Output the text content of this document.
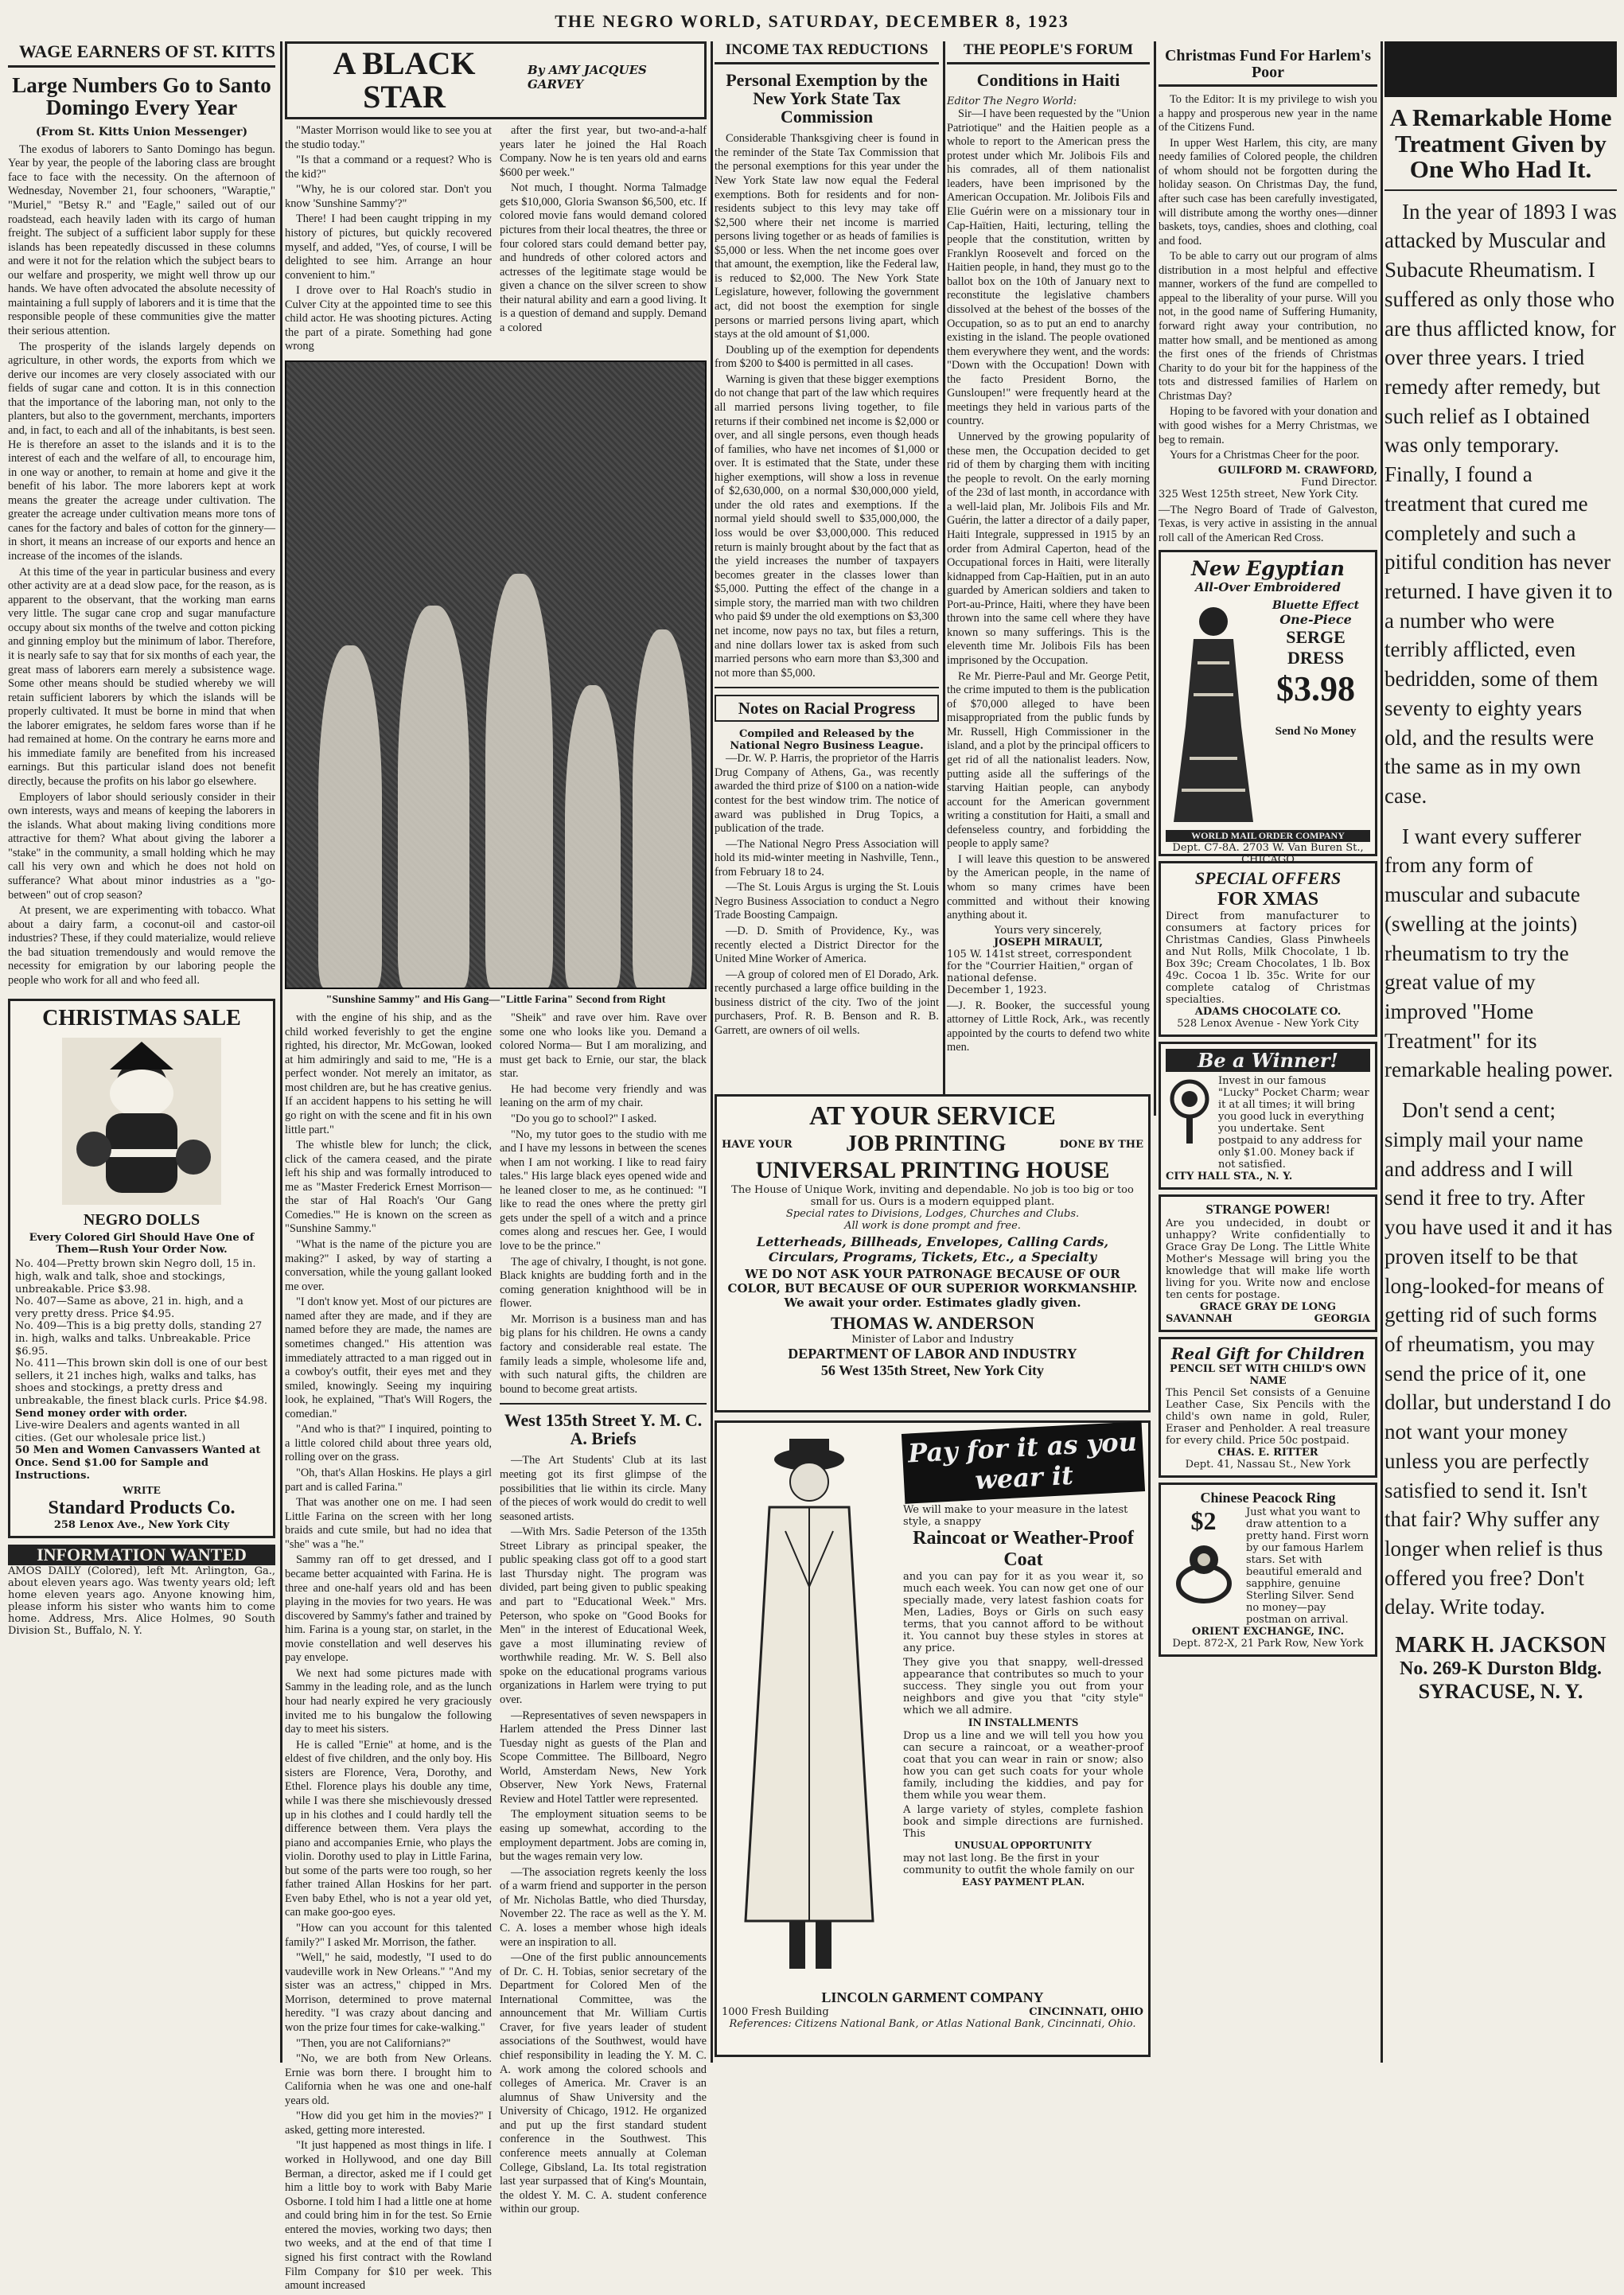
THE NEGRO WORLD, SATURDAY, DECEMBER 8, 1923
WAGE EARNERS OF ST. KITTS
Large Numbers Go to Santo Domingo Every Year
(From St. Kitts Union Messenger)

The exodus of laborers to Santo Domingo has begun. Year by year, the people of the laboring class are brought face to face with the necessity. On the afternoon of Wednesday, November 21, four schooners, "Waraptie," "Muriel," "Betsy R." and "Eagle," sailed out of our roadstead, each heavily laden with its cargo of human freight. The subject of a sufficient labor supply for these islands has been repeatedly discussed in these columns and were it not for the relation which the subject bears to our welfare and prosperity, we might well throw up our hands. We have often advocated the absolute necessity of maintaining a full supply of laborers and it is time that the responsible people of these communities give the matter their serious attention.

The prosperity of the islands largely depends on agriculture, in other words, the exports from which we derive our incomes are very closely associated with our fields of sugar cane and cotton. It is in this connection that the importance of the laboring man, not only to the planters, but also to the government, merchants, importers and, in fact, to each and all of the inhabitants, is best seen. He is therefore an asset to the islands and it is to the interest of each and the welfare of all, to encourage him, in one way or another, to remain at home and give it the benefit of his labor. The more laborers kept at work means the greater the acreage under cultivation. The greater the acreage under cultivation means more tons of canes for the factory and bales of cotton for the ginnery—in short, it means an increase of our exports and hence an increase of the incomes of the islands.

At this time of the year in particular business and every other activity are at a dead slow pace, for the reason, as is apparent to the observant, that the working man earns very little. The sugar cane crop and sugar manufacture occupy about six months of the twelve and cotton picking and ginning employ but the minimum of labor. Therefore, it is nearly safe to say that for six months of each year, the great mass of laborers earn merely a subsistence wage. Some other means should be studied whereby we will retain sufficient laborers by which the islands will be properly cultivated. It must be borne in mind that when the laborer emigrates, he seldom fares worse than if he had remained at home. On the contrary he earns more and his immediate family are benefited from his increased earnings. But this particular island does not benefit directly, because the profits on his labor go elsewhere.

Employers of labor should seriously consider in their own interests, ways and means of keeping the laborers in the islands. What about making living conditions more attractive for them? What about giving the laborer a "stake" in the community, a small holding which he may call his very own and which he does not hold on sufferance? What about minor industries as a "go-between" out of crop season?

At present, we are experimenting with tobacco. What about a dairy farm, a coconut-oil and castor-oil industries? These, if they could materialize, would relieve the bad situation tremendously and would remove the necessity for emigration by our laboring people the people who work for all and who feed all.

CHRISTMAS SALE
NEGRO DOLLS
Every Colored Girl Should Have One of Them—Rush Your Order Now.

No. 404—Pretty brown skin Negro doll, 15 in. high, walk and talk, shoe and stockings, unbreakable. Price $3.98.

No. 407—Same as above, 21 in. high, and a very pretty dress. Price $4.95.

No. 409—This is a big pretty dolls, standing 27 in. high, walks and talks. Unbreakable. Price $6.95.

No. 411—This brown skin doll is one of our best sellers, it 21 inches high, walks and talks, has shoes and stockings, a pretty dress and unbreakable, the finest black curls. Price $4.98.

Send money order with order.

Live-wire Dealers and agents wanted in all cities. (Get our wholesale price list.)

50 Men and Women Canvassers Wanted at Once. Send $1.00 for Sample and Instructions.

WRITE
Standard Products Co.
258 Lenox Ave., New York City
INFORMATION WANTED
AMOS DAILY (Colored), left Mt. Arlington, Ga., about eleven years ago. Was twenty years old; left home eleven years ago. Anyone knowing him, please inform his sister who wants him to come home. Address, Mrs. Alice Holmes, 90 South Division St., Buffalo, N. Y.
A BLACK STAR
By AMY JACQUES GARVEY

"Master Morrison would like to see you at the studio today."

"Is that a command or a request? Who is the kid?"

"Why, he is our colored star. Don't you know 'Sunshine Sammy'?"

There! I had been caught tripping in my history of pictures, but quickly recovered myself, and added, "Yes, of course, I will be delighted to see him. Arrange an hour convenient to him."

I drove over to Hal Roach's studio in Culver City at the appointed time to see this child actor. He was shooting pictures. Acting the part of a pirate. Something had gone wrong

after the first year, but two-and-a-half years later he joined the Hal Roach Company. Now he is ten years old and earns $600 per week."

Not much, I thought. Norma Talmadge gets $10,000, Gloria Swanson $6,500, etc. If colored movie fans would demand colored pictures from their local theatres, the three or four colored stars could demand better pay, and hundreds of other colored actors and actresses of the legitimate stage would be given a chance on the silver screen to show their natural ability and earn a good living. It is a question of demand and supply. Demand a colored

"Sunshine Sammy" and His Gang—"Little Farina" Second from Right

with the engine of his ship, and as the child worked feverishly to get the engine righted, his director, Mr. McGowan, looked at him admiringly and said to me, "He is a perfect wonder. Not merely an imitator, as most children are, but he has creative genius. If an accident happens to his setting he will go right on with the scene and fit in his own little part."

The whistle blew for lunch; the click, click of the camera ceased, and the pirate left his ship and was formally introduced to me as "Master Frederick Ernest Morrison—the star of Hal Roach's 'Our Gang Comedies.'" He is known on the screen as "Sunshine Sammy."

"What is the name of the picture you are making?" I asked, by way of starting a conversation, while the young gallant looked me over.

"I don't know yet. Most of our pictures are named after they are made, and if they are named before they are made, the names are sometimes changed." His attention was immediately attracted to a man rigged out in a cowboy's outfit, their eyes met and they smiled, knowingly. Seeing my inquiring look, he explained, "That's Will Rogers, the comedian."

"And who is that?" I inquired, pointing to a little colored child about three years old, rolling over on the grass.

"Oh, that's Allan Hoskins. He plays a girl part and is called Farina."

That was another one on me. I had seen Little Farina on the screen with her long braids and cute smile, but had no idea that "she" was a "he."

Sammy ran off to get dressed, and I became better acquainted with Farina. He is three and one-half years old and has been playing in the movies for two years. He was discovered by Sammy's father and trained by him. Farina is a young star, on starlet, in the movie constellation and well deserves his pay envelope.

We next had some pictures made with Sammy in the leading role, and as the lunch hour had nearly expired he very graciously invited me to his bungalow the following day to meet his sisters.

He is called "Ernie" at home, and is the eldest of five children, and the only boy. His sisters are Florence, Vera, Dorothy, and Ethel. Florence plays his double any time, while I was there she mischievously dressed up in his clothes and I could hardly tell the difference between them. Vera plays the piano and accompanies Ernie, who plays the violin. Dorothy used to play in Little Farina, but some of the parts were too rough, so her father trained Allan Hoskins for her part. Even baby Ethel, who is not a year old yet, can make goo-goo eyes.

"How can you account for this talented family?" I asked Mr. Morrison, the father.

"Well," he said, modestly, "I used to do vaudeville work in New Orleans." "And my sister was an actress," chipped in Mrs. Morrison, determined to prove maternal heredity. "I was crazy about dancing and won the prize four times for cake-walking."

"Then, you are not Californians?"

"No, we are both from New Orleans. Ernie was born there. I brought him to California when he was one and one-half years old.

"How did you get him in the movies?" I asked, getting more interested.

"It just happened as most things in life. I worked in Hollywood, and one day Bill Berman, a director, asked me if I could get him a little boy to work with Baby Marie Osborne. I told him I had a little one at home and could bring him in for the test. So Ernie entered the movies, working two days; then two weeks, and at the end of that time I signed his first contract with the Rowland Film Company for $10 per week. This amount increased

"Sheik" and rave over him. Rave over some one who looks like you. Demand a colored Norma— But I am moralizing, and must get back to Ernie, our star, the black star.

He had become very friendly and was leaning on the arm of my chair.

"Do you go to school?" I asked.

"No, my tutor goes to the studio with me and I have my lessons in between the scenes when I am not working. I like to read fairy tales." His large black eyes opened wide and he leaned closer to me, as he continued: "I like to read the ones where the pretty girl gets under the spell of a witch and a prince comes along and rescues her. Gee, I would love to be the prince."

The age of chivalry, I thought, is not gone. Black knights are budding forth and in the coming generation knighthood will be in flower.

Mr. Morrison is a business man and has big plans for his children. He owns a candy factory and considerable real estate. The family leads a simple, wholesome life and, with such natural gifts, the children are bound to become great artists.

West 135th Street Y. M. C. A. Briefs

—The Art Students' Club at its last meeting got its first glimpse of the possibilities that lie within its circle. Many of the pieces of work would do credit to well seasoned artists.

—With Mrs. Sadie Peterson of the 135th Street Library as principal speaker, the public speaking class got off to a good start last Thursday night. The program was divided, part being given to public speaking and part to "Educational Week." Mrs. Peterson, who spoke on "Good Books for Men" in the interest of Educational Week, gave a most illuminating review of worthwhile reading. Mr. W. S. Bell also spoke on the educational programs various organizations in Harlem were trying to put over.

—Representatives of seven newspapers in Harlem attended the Press Dinner last Tuesday night as guests of the Plan and Scope Committee. The Billboard, Negro World, Amsterdam News, New York Observer, New York News, Fraternal Review and Hotel Tattler were represented.

The employment situation seems to be easing up somewhat, according to the employment department. Jobs are coming in, but the wages remain very low.

—The association regrets keenly the loss of a warm friend and supporter in the person of Mr. Nicholas Battle, who died Thursday, November 22. The race as well as the Y. M. C. A. loses a member whose high ideals were an inspiration to all.

—One of the first public announcements of Dr. C. H. Tobias, senior secretary of the Department for Colored Men of the International Committee, was the announcement that Mr. William Curtis Craver, for five years leader of student associations of the Southwest, would have chief responsibility in leading the Y. M. C. A. work among the colored schools and colleges of America. Mr. Craver is an alumnus of Shaw University and the University of Chicago, 1912. He organized and put up the first standard student conference in the Southwest. This conference meets annually at Coleman College, Gibsland, La. Its total registration last year surpassed that of King's Mountain, the oldest Y. M. C. A. student conference within our group.

INCOME TAX REDUCTIONS
Personal Exemption by the New York State Tax Commission

Considerable Thanksgiving cheer is found in the reminder of the State Tax Commission that the personal exemptions for this year under the New York State law now equal the Federal exemptions. Both for residents and for non-residents subject to this levy may take off $2,500 where their net income is married persons living together or as heads of families is $5,000 or less. When the net income goes over that amount, the exemption, like the Federal law, is reduced to $2,000. The New York State Legislature, however, following the government act, did not boost the exemption for single persons or married persons living apart, which stays at the old amount of $1,000.

Doubling up of the exemption for dependents from $200 to $400 is permitted in all cases.

Warning is given that these bigger exemptions do not change that part of the law which requires all married persons living together, to file returns if their combined net income is $2,000 or over, and all single persons, even though heads of families, who have net incomes of $1,000 or over. It is estimated that the State, under these higher exemptions, will show a loss in revenue of $2,630,000, on a normal $30,000,000 yield, under the old rates and exemptions. If the normal yield should swell to $35,000,000, the loss would be over $3,000,000. This reduced return is mainly brought about by the fact that as the yield increases the number of taxpayers becomes greater in the classes lower than $5,000. Putting the effect of the change in a simple story, the married man with two children who paid $9 under the old exemptions on $3,300 net income, now pays no tax, but files a return, and nine dollars lower tax is asked from such married persons who earn more than $3,300 and not more than $5,000.

Notes on Racial Progress
Compiled and Released by the National Negro Business League.

—Dr. W. P. Harris, the proprietor of the Harris Drug Company of Athens, Ga., was recently awarded the third prize of $100 on a nation-wide contest for the best window trim. The notice of award was published in Drug Topics, a publication of the trade.

—The National Negro Press Association will hold its mid-winter meeting in Nashville, Tenn., from February 18 to 24.

—The St. Louis Argus is urging the St. Louis Negro Business Association to conduct a Negro Trade Boosting Campaign.

—D. D. Smith of Providence, Ky., was recently elected a District Director for the United Mine Worker of America.

—A group of colored men of El Dorado, Ark. recently purchased a large office building in the business district of the city. Two of the joint purchasers, Prof. R. B. Benson and R. B. Garrett, are owners of oil wells.

THE PEOPLE'S FORUM
Conditions in Haiti
Editor The Negro World:

Sir—I have been requested by the "Union Patriotique" and the Haitien people as a whole to report to the American press the protest under which Mr. Jolibois Fils and his comrades, all of them nationalist leaders, have been imprisoned by the American Occupation. Mr. Jolibois Fils and Elie Guérin were on a missionary tour in Cap-Haïtien, Haiti, lecturing, telling the people that the constitution, written by Franklyn Roosevelt and forced on the Haitien people, in hand, they must go to the ballot box on the 10th of January next to reconstitute the legislative chambers dissolved at the behest of the bosses of the Occupation, so as to put an end to anarchy existing in the island. The people ovationed them everywhere they went, and the words: "Down with the Occupation! Down with the facto President Borno, the Gunsloupen!" were frequently heard at the meetings they held in various parts of the country.

Unnerved by the growing popularity of these men, the Occupation decided to get rid of them by charging them with inciting the people to revolt. On the early morning of the 23d of last month, in accordance with a well-laid plan, Mr. Jolibois Fils and Mr. Guérin, the latter a director of a daily paper, Haiti Integrale, suppressed in 1915 by an order from Admiral Caperton, head of the Occupational forces in Haiti, were literally kidnapped from Cap-Haïtien, put in an auto guarded by American soldiers and taken to Port-au-Prince, Haiti, where they have been thrown into the same cell where they have known so many sufferings. This is the eleventh time Mr. Jolibois Fils has been imprisoned by the Occupation.

Re Mr. Pierre-Paul and Mr. George Petit, the crime imputed to them is the publication of $70,000 alleged to have been misappropriated from the public funds by Mr. Russell, High Commissioner in the island, and a plot by the principal officers to get rid of all the nationalist leaders. Now, putting aside all the sufferings of the starving Haitian people, can anybody account for the American government writing a constitution for Haiti, a small and defenseless country, and forbidding the people to apply same?

I will leave this question to be answered by the American people, in the name of whom so many crimes have been committed and without their knowing anything about it.

Yours very sincerely,
JOSEPH MIRAULT,
105 W. 141st street, correspondent for the "Courrier Haitien," organ of national defense.
December 1, 1923.
—J. R. Booker, the successful young attorney of Little Rock, Ark., was recently appointed by the courts to defend two white men.
Christmas Fund For Harlem's Poor

To the Editor: It is my privilege to wish you a happy and prosperous new year in the name of the Citizens Fund.

In upper West Harlem, this city, are many needy families of Colored people, the children of whom should not be forgotten during the holiday season. On Christmas Day, the fund, after such case has been carefully investigated, will distribute among the worthy ones—dinner baskets, toys, candies, shoes and clothing, coal and food.

To be able to carry out our program of alms distribution in a most helpful and effective manner, workers of the fund are compelled to appeal to the liberality of your purse. Will you not, in the good name of Suffering Humanity, forward right away your contribution, no matter how small, and be mentioned as among the first ones of the friends of Christmas Charity to do your bit for the happiness of the tots and distressed families of Harlem on Christmas Day?

Hoping to be favored with your donation and with good wishes for a Merry Christmas, we beg to remain.

Yours for a Christmas Cheer for the poor.

GUILFORD M. CRAWFORD,
Fund Director.
325 West 125th street, New York City.
—The Negro Board of Trade of Galveston, Texas, is very active in assisting in the annual roll call of the American Red Cross.
New Egyptian
All-Over Embroidered
Bluette Effect
One-Piece
SERGE DRESS
$3.98
Send No Money
WORLD MAIL ORDER COMPANY
Dept. C7-8A. 2703 W. Van Buren St., CHICAGO
SPECIAL OFFERS
FOR XMAS
Direct from manufacturer to consumers at factory prices for Christmas Candies, Glass Pinwheels and Nut Rolls, Milk Chocolate, 1 lb. Box 39c; Cream Chocolates, 1 lb. Box 49c. Cocoa 1 lb. 35c. Write for our complete catalog of Christmas specialties.
ADAMS CHOCOLATE CO.
528 Lenox Avenue - New York City
Be a Winner!
Invest in our famous "Lucky" Pocket Charm; wear it at all times; it will bring you good luck in everything you undertake. Sent postpaid to any address for only $1.00. Money back if not satisfied.
CITY HALL STA., N. Y.
STRANGE POWER!
Are you undecided, in doubt or unhappy? Write confidentially to Grace Gray De Long. The Little White Mother's Message will bring you the knowledge that will make life worth living for you. Write now and enclose ten cents for postage.
GRACE GRAY DE LONG
SAVANNAH	GEORGIA
Real Gift for Children
PENCIL SET WITH CHILD'S OWN NAME
This Pencil Set consists of a Genuine Leather Case, Six Pencils with the child's own name in gold, Ruler, Eraser and Penholder. A real treasure for every child. Price 50c postpaid.
CHAS. E. RITTER
Dept. 41, Nassau St., New York
Chinese Peacock Ring
$2	Just what you want to draw attention to a pretty hand. First worn by our famous Harlem stars. Set with beautiful emerald and sapphire, genuine Sterling Silver. Send no money—pay postman on arrival.
ORIENT EXCHANGE, INC.
Dept. 872-X, 21 Park Row, New York
AT YOUR SERVICE
HAVE YOUR JOB PRINTING	DONE BY THE
UNIVERSAL PRINTING HOUSE
The House of Unique Work, inviting and dependable. No job is too big or too small for us. Ours is a modern equipped plant.
Special rates to Divisions, Lodges, Churches and Clubs.
All work is done prompt and free.
Letterheads, Billheads, Envelopes, Calling Cards, Circulars, Programs, Tickets, Etc., a Specialty
WE DO NOT ASK YOUR PATRONAGE BECAUSE OF OUR COLOR, BUT BECAUSE OF OUR SUPERIOR WORKMANSHIP. We await your order. Estimates gladly given.
THOMAS W. ANDERSON
Minister of Labor and Industry
DEPARTMENT OF LABOR AND INDUSTRY
56 West 135th Street, New York City
Pay for it as you wear it
We will make to your measure in the latest style, a snappy
Raincoat or Weather-Proof Coat
and you can pay for it as you wear it, so much each week. You can now get one of our specially made, very latest fashion coats for Men, Ladies, Boys or Girls on such easy terms, that you cannot afford to be without it. You cannot buy these styles in stores at any price.
They give you that snappy, well-dressed appearance that contributes so much to your success. They single you out from your neighbors and give you that "city style" which we all admire.
IN INSTALLMENTS
Drop us a line and we will tell you how you can secure a raincoat, or a weather-proof coat that you can wear in rain or snow; also how you can get such coats for your whole family, including the kiddies, and pay for them while you wear them.
A large variety of styles, complete fashion book and simple directions are furnished. This
UNUSUAL OPPORTUNITY
may not last long. Be the first in your community to outfit the whole family on our
EASY PAYMENT PLAN.
LINCOLN GARMENT COMPANY
1000 Fresh Building	CINCINNATI, OHIO
References: Citizens National Bank, or Atlas National Bank, Cincinnati, Ohio.
A Remarkable Home Treatment Given by One Who Had It.

In the year of 1893 I was attacked by Muscular and Subacute Rheumatism. I suffered as only those who are thus afflicted know, for over three years. I tried remedy after remedy, but such relief as I obtained was only temporary. Finally, I found a treatment that cured me completely and such a pitiful condition has never returned. I have given it to a number who were terribly afflicted, even bedridden, some of them seventy to eighty years old, and the results were the same as in my own case.

I want every sufferer from any form of muscular and subacute (swelling at the joints) rheumatism to try the great value of my improved "Home Treatment" for its remarkable healing power.

Don't send a cent; simply mail your name and address and I will send it free to try. After you have used it and it has proven itself to be that long-looked-for means of getting rid of such forms of rheumatism, you may send the price of it, one dollar, but understand I do not want your money unless you are perfectly satisfied to send it. Isn't that fair? Why suffer any longer when relief is thus offered you free? Don't delay. Write today.

MARK H. JACKSON
No. 269-K Durston Bldg.
SYRACUSE, N. Y.
